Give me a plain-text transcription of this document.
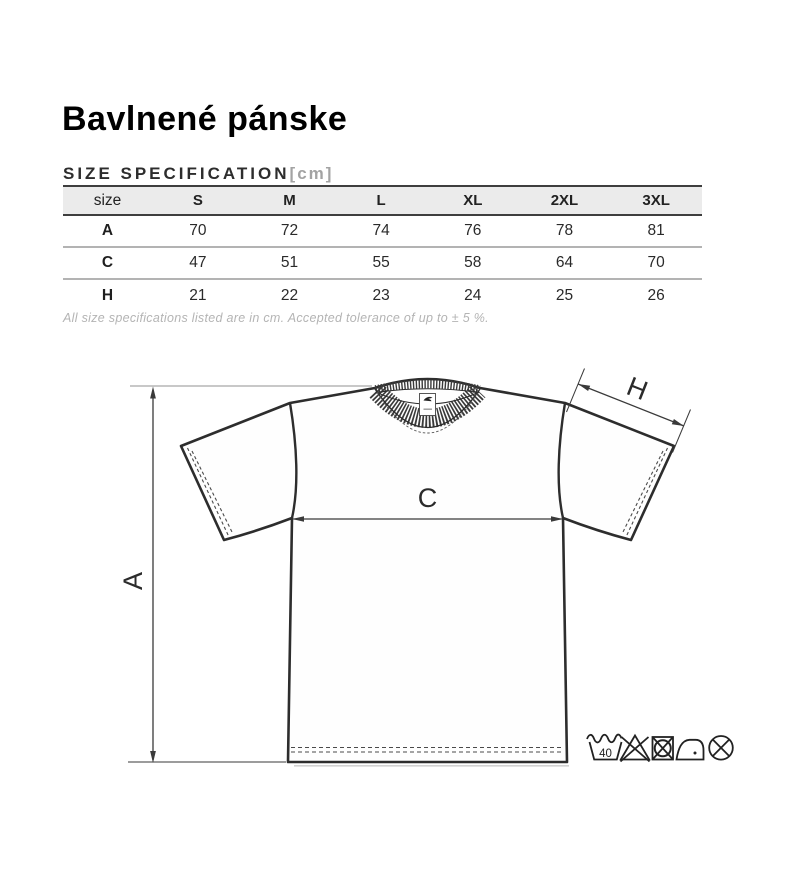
Bavlnené pánske
SIZE SPECIFICATION[cm]
size	S	M	L	XL	2XL	3XL
A	70	72	74	76	78	81
C	47	51	55	58	64	70
H	21	22	23	24	25	26

All size specifications listed are in cm. Accepted tolerance of up to ± 5 %.

A
C
H
40
